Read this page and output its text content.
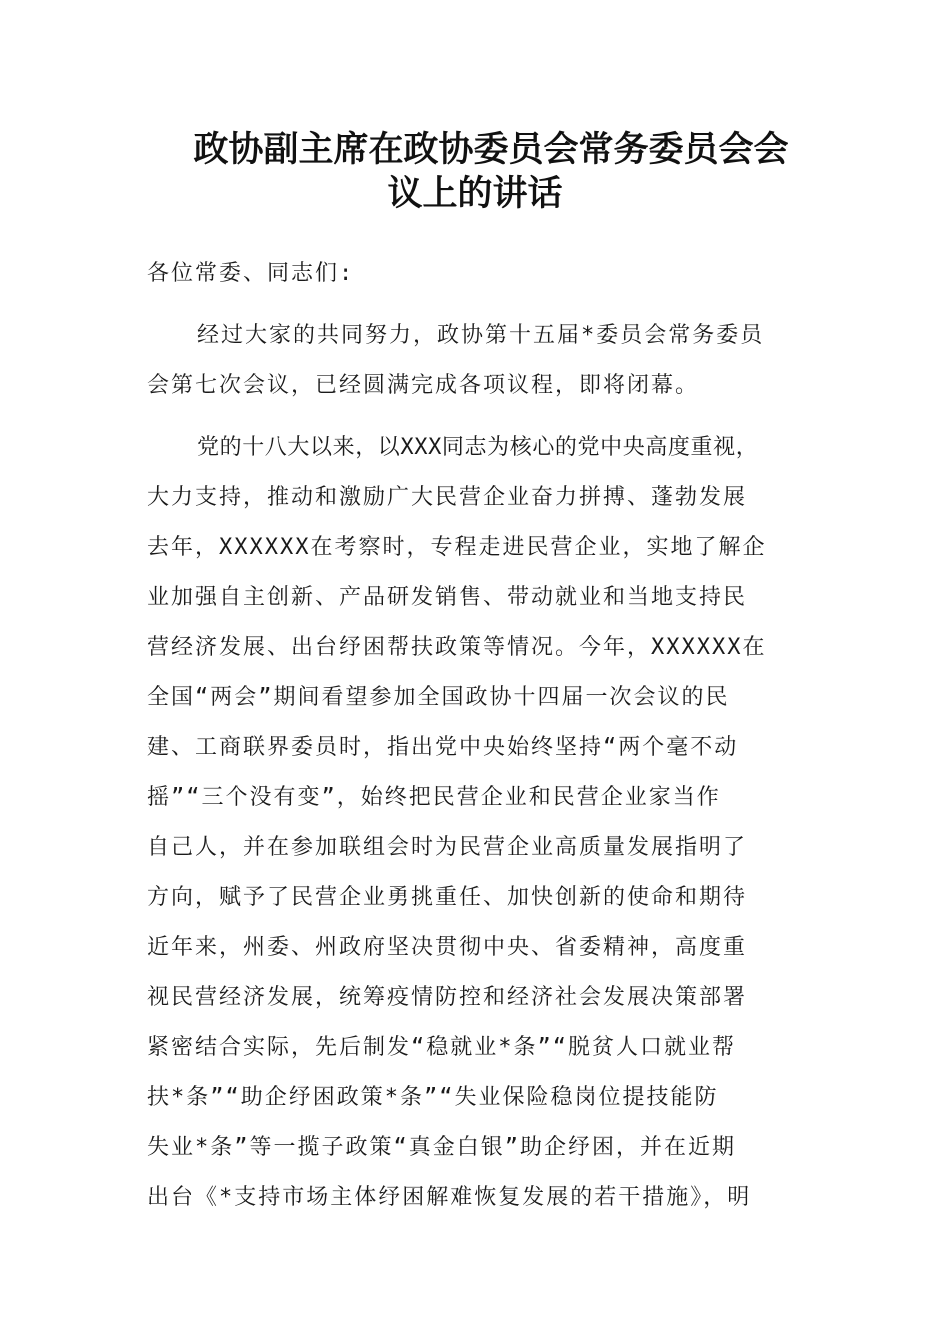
政协副主席在政协委员会常务委员会会
议上的讲话
各位常委、同志们:
经过大家的共同努力，政协第十五届*委员会常务委员
会第七次会议，已经圆满完成各项议程，即将闭幕。
党的十八大以来，以XXX同志为核心的党中央高度重视，
大力支持，推动和激励广大民营企业奋力拼搏、蓬勃发展
去年，XXXXXX在考察时，专程走进民营企业，实地了解企
业加强自主创新、产品研发销售、带动就业和当地支持民
营经济发展、出台纾困帮扶政策等情况。今年，XXXXXX在
全国“两会”期间看望参加全国政协十四届一次会议的民
建、工商联界委员时，指出党中央始终坚持“两个毫不动
摇”“三个没有变”，始终把民营企业和民营企业家当作
自己人，并在参加联组会时为民营企业高质量发展指明了
方向，赋予了民营企业勇挑重任、加快创新的使命和期待
近年来，州委、州政府坚决贯彻中央、省委精神，高度重
视民营经济发展，统筹疫情防控和经济社会发展决策部署
紧密结合实际，先后制发“稳就业*条”“脱贫人口就业帮
扶*条”“助企纾困政策*条”“失业保险稳岗位提技能防
失业*条”等一揽子政策“真金白银”助企纾困，并在近期
出台《*支持市场主体纾困解难恢复发展的若干措施》，明
